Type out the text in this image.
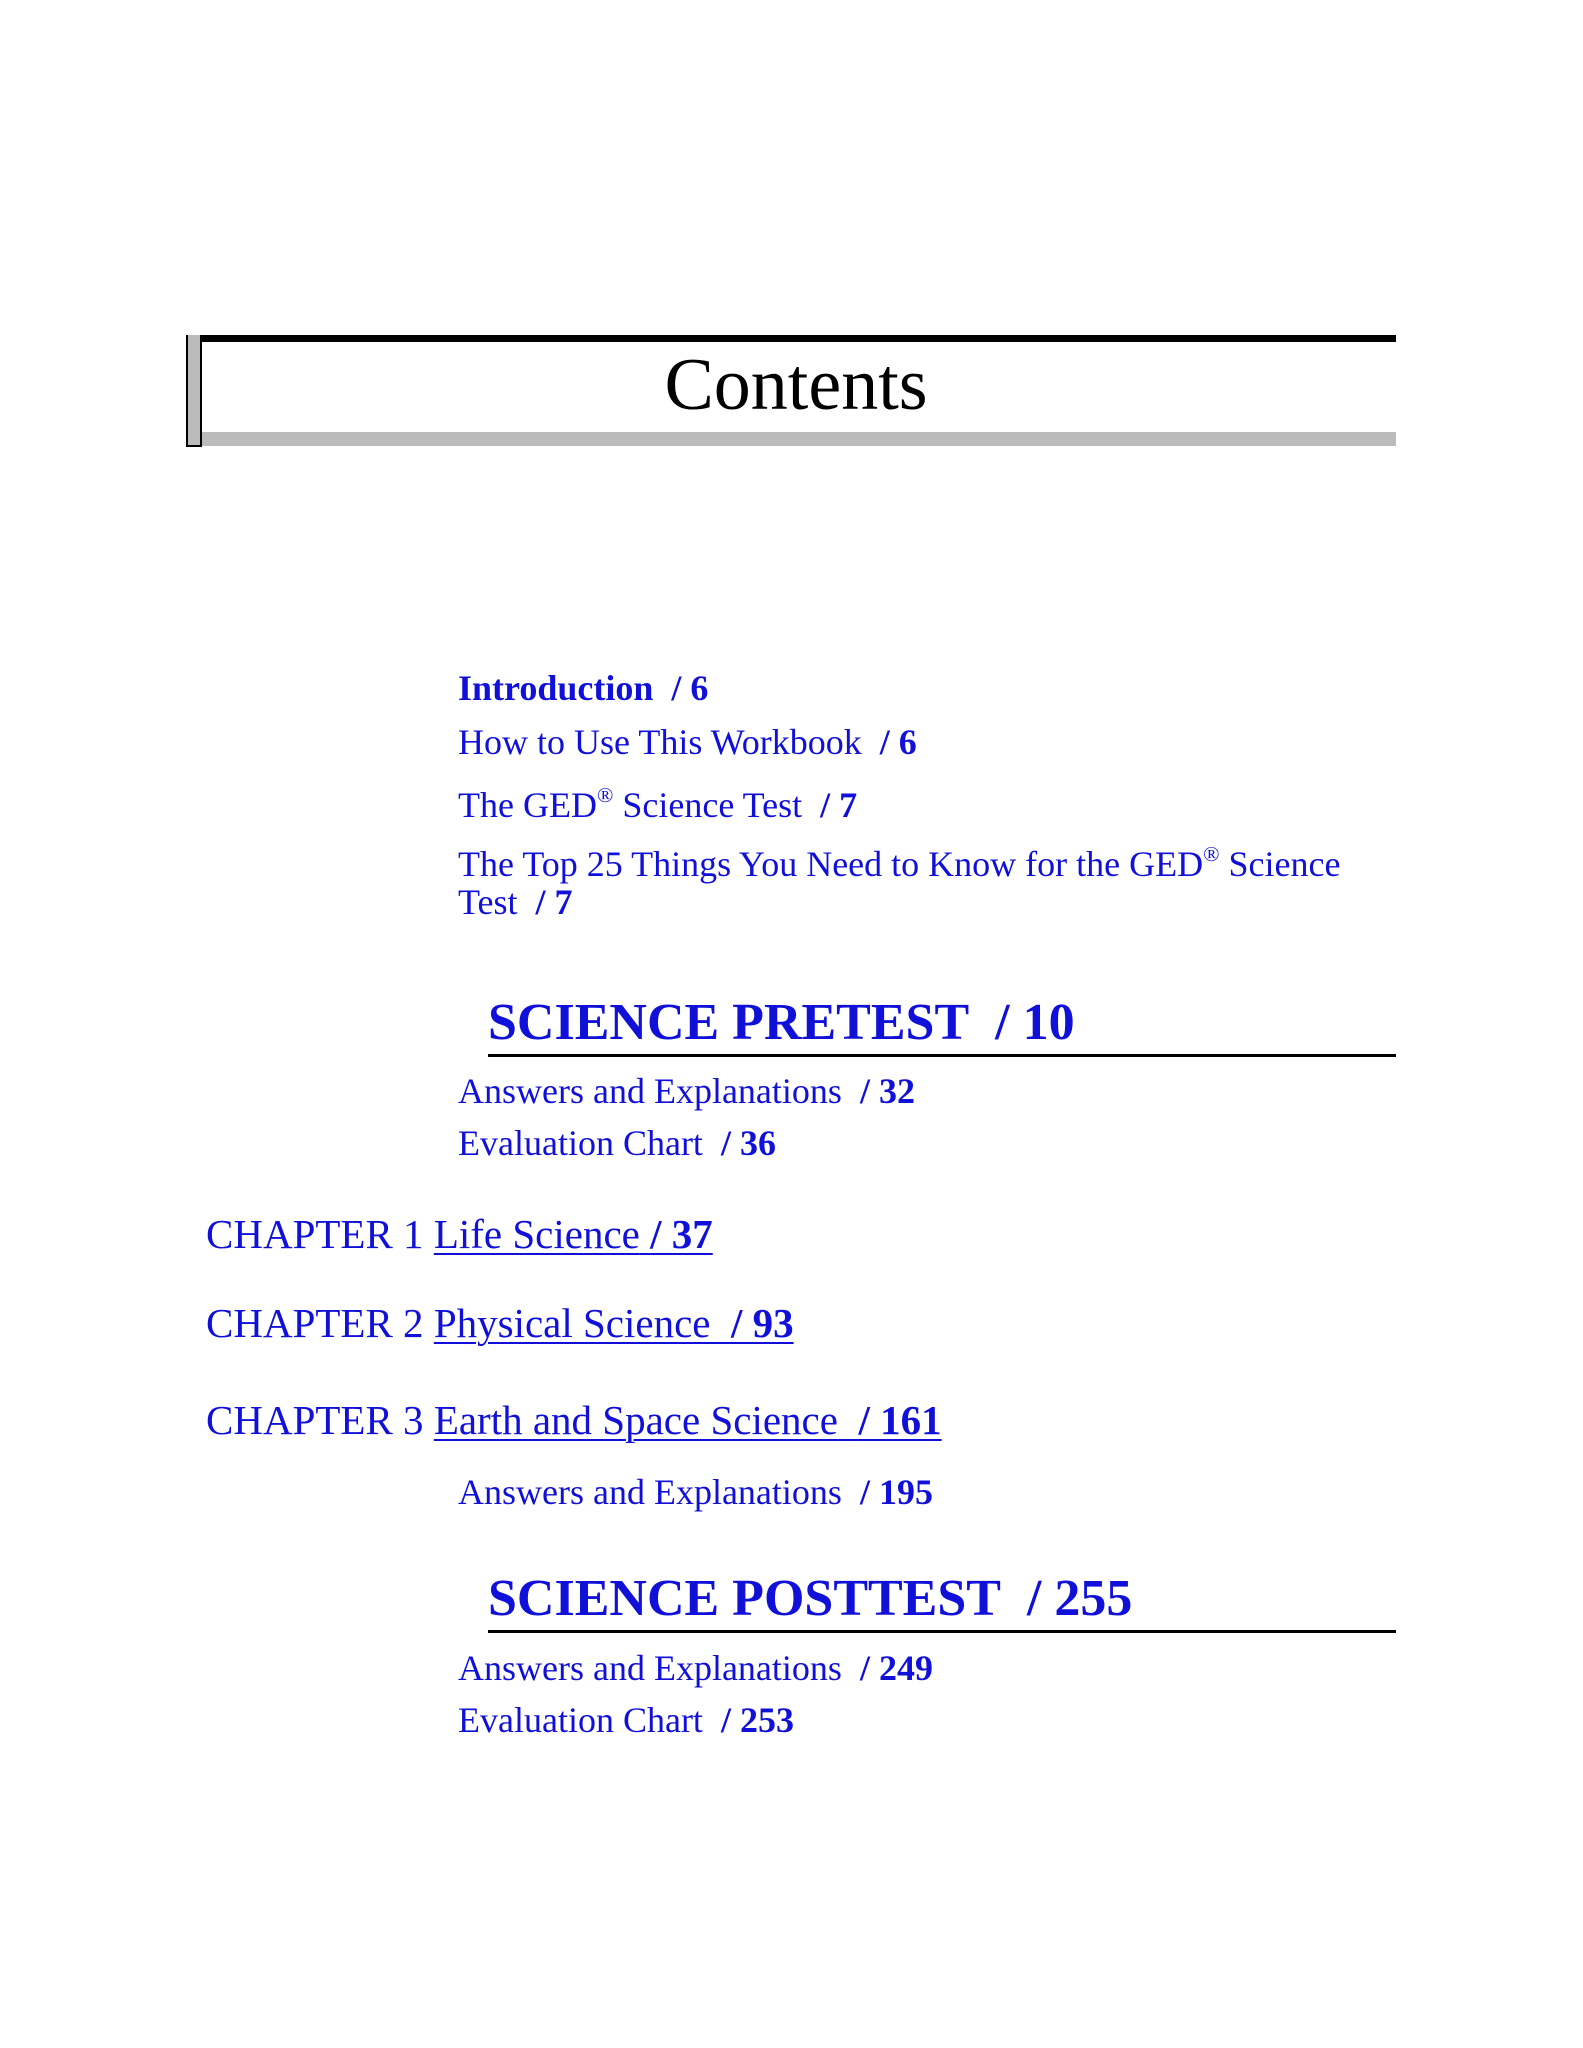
Contents
Introduction / 6
How to Use This Workbook / 6
The GED® Science Test / 7
The Top 25 Things You Need to Know for the GED® Science
Test / 7
SCIENCE PRETEST / 10
Answers and Explanations / 32
Evaluation Chart / 36
CHAPTER 1 Life Science / 37
CHAPTER 2 Physical Science / 93
CHAPTER 3 Earth and Space Science / 161
Answers and Explanations / 195
SCIENCE POSTTEST / 255
Answers and Explanations / 249
Evaluation Chart / 253
